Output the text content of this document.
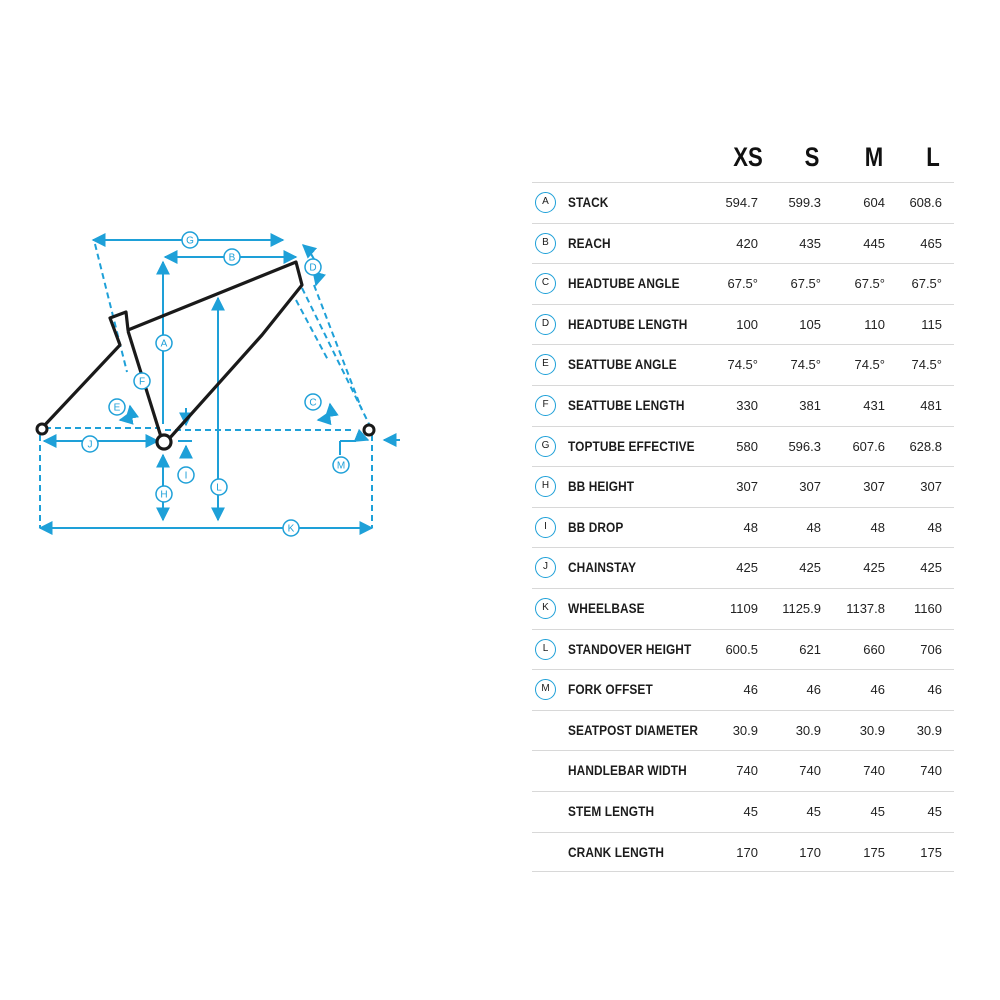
G
B
D
A
F
E	C
J
I
M
H
L
K
XS	S	M	L
A	STACK	594.7	599.3	604	608.6
B	REACH	420	435	445	465
C	HEADTUBE ANGLE	67.5°	67.5°	67.5°	67.5°
D	HEADTUBE LENGTH	100	105	110	115
E	SEATTUBE ANGLE	74.5°	74.5°	74.5°	74.5°
F	SEATTUBE LENGTH	330	381	431	481
G	TOPTUBE EFFECTIVE	580	596.3	607.6	628.8
H	BB HEIGHT	307	307	307	307
I	BB DROP	48	48	48	48
J	CHAINSTAY	425	425	425	425
K	WHEELBASE	1109	1125.9	1137.8	1160
L	STANDOVER HEIGHT	600.5	621	660	706
M	FORK OFFSET	46	46	46	46
SEATPOST DIAMETER	30.9	30.9	30.9	30.9
HANDLEBAR WIDTH	740	740	740	740
STEM LENGTH	45	45	45	45
CRANK LENGTH	170	170	175	175
